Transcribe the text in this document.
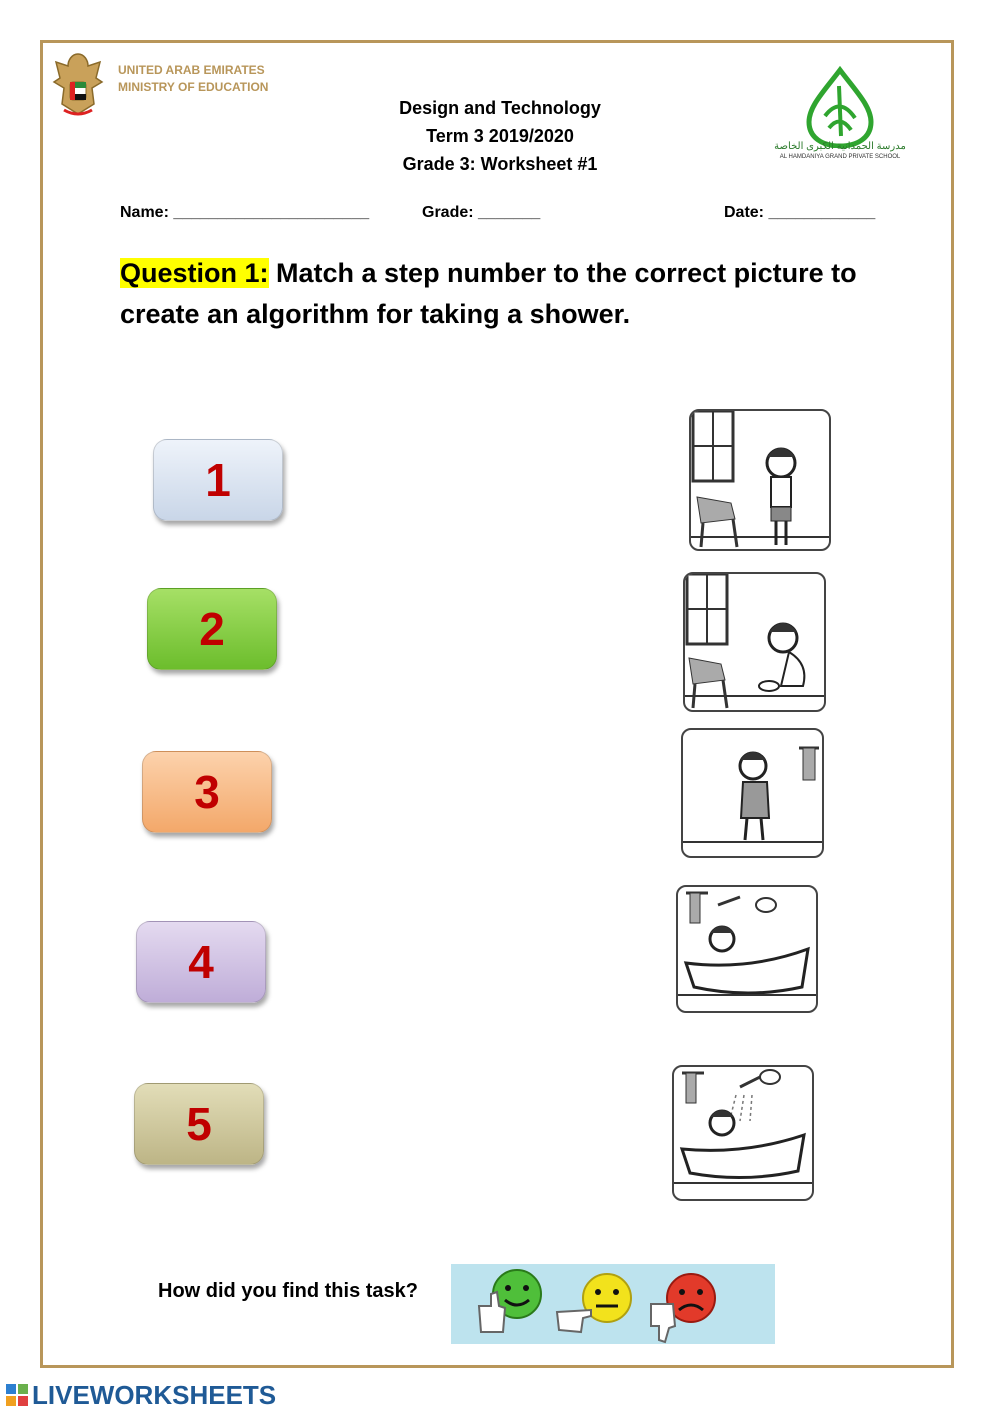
UNITED ARAB EMIRATES
MINISTRY OF EDUCATION
Design and Technology
Term 3 2019/2020
Grade 3: Worksheet #1
مدرسة الحمدانية الكبرى الخاصة
AL HAMDANIYA GRAND PRIVATE SCHOOL
Name: ______________________	Grade: _______	Date: ____________
Question 1: Match a step number to the correct picture to create an algorithm for taking a shower.
1
2
3
4
5
How did you find this task?
LIVEWORKSHEETS
